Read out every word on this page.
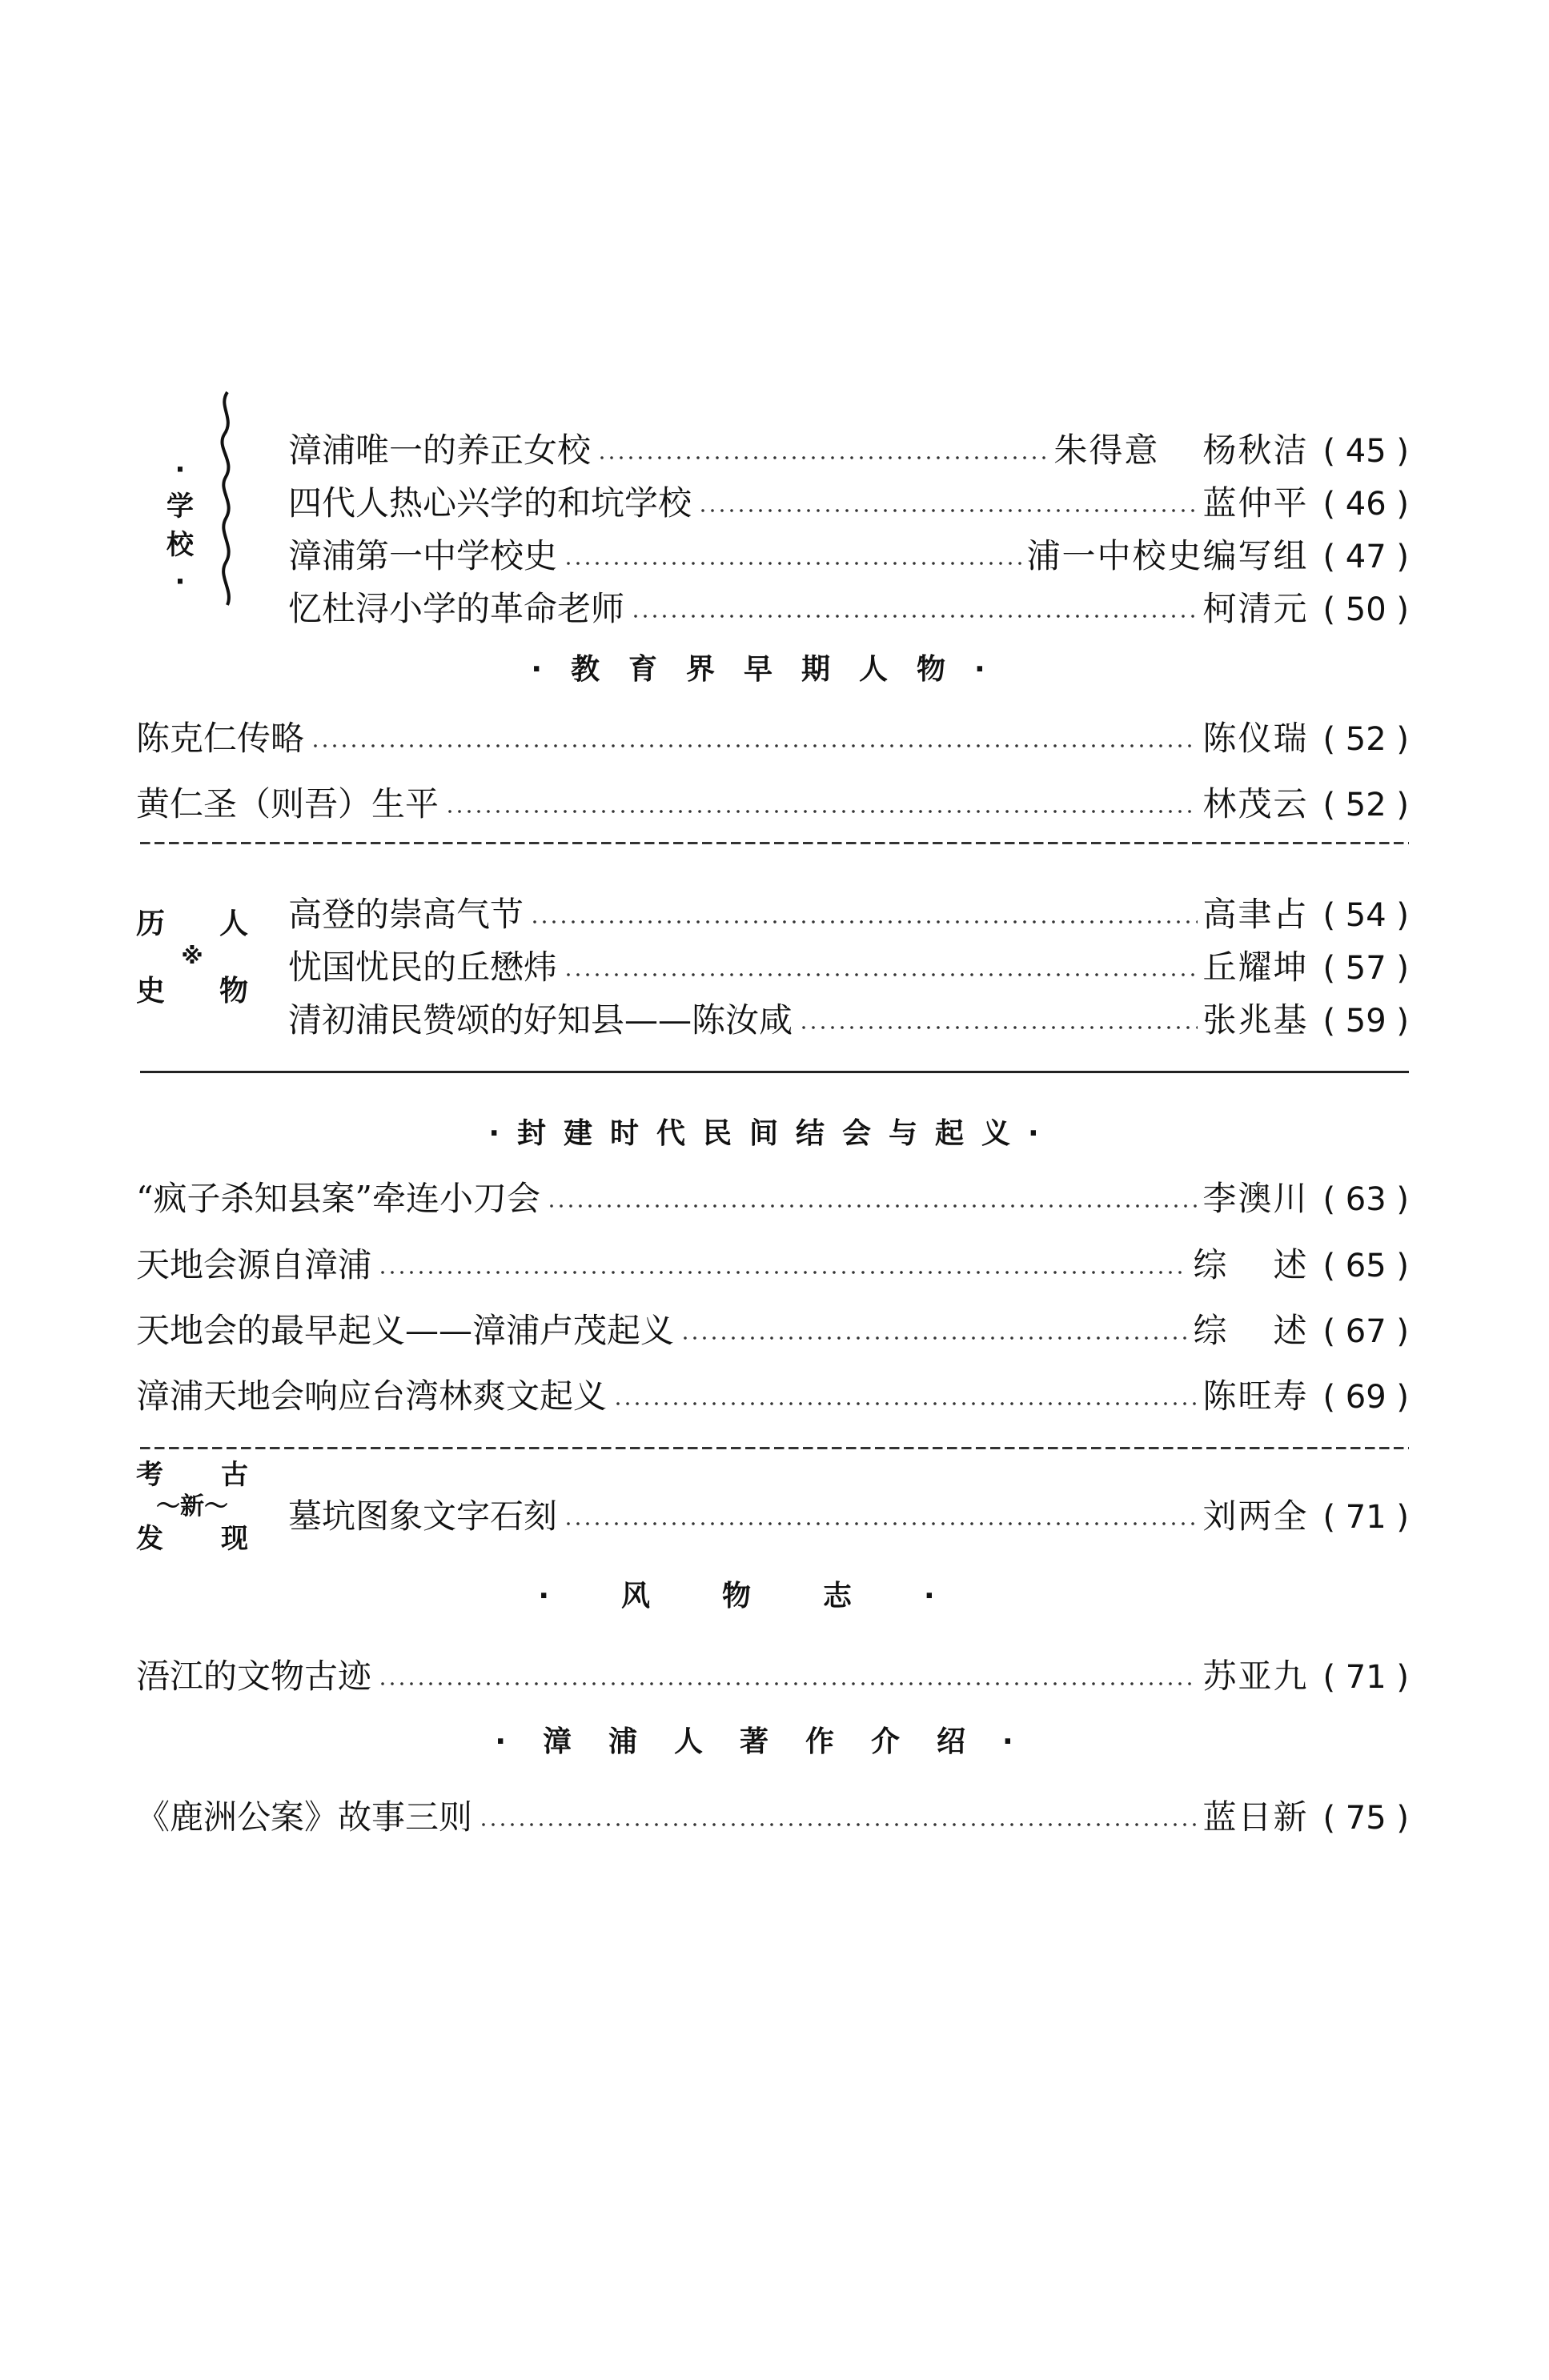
·
学校
·
漳浦唯一的养正女校	朱得意 杨秋洁 ( 45 )
四代人热心兴学的和坑学校	蓝仲平 ( 46 )
漳浦第一中学校史	浦一中校史编写组 ( 47 )
忆杜浔小学的革命老师	柯清元 ( 50 )
·教育界早期人物·
陈克仁传略	陈仪瑞 ( 52 )
黄仁圣（则吾）生平	林茂云 ( 52 )
历 人
※
史 物
高登的崇高气节	高聿占 ( 54 )
忧国忧民的丘懋炜	丘耀坤 ( 57 )
清初浦民赞颂的好知县——陈汝咸	张兆基 ( 59 )
·封建时代民间结会与起义·
“疯子杀知县案”牵连小刀会	李澳川 ( 63 )
天地会源自漳浦	综 述 ( 65 )
天地会的最早起义——漳浦卢茂起义	综 述 ( 67 )
漳浦天地会响应台湾林爽文起义	陈旺寿 ( 69 )
考 古
～新～
发 现
墓坑图象文字石刻	刘两全 ( 71 )
·风物志·
浯江的文物古迹	苏亚九 ( 71 )
·漳浦人著作介绍·
《鹿洲公案》故事三则	蓝日新 ( 75 )
